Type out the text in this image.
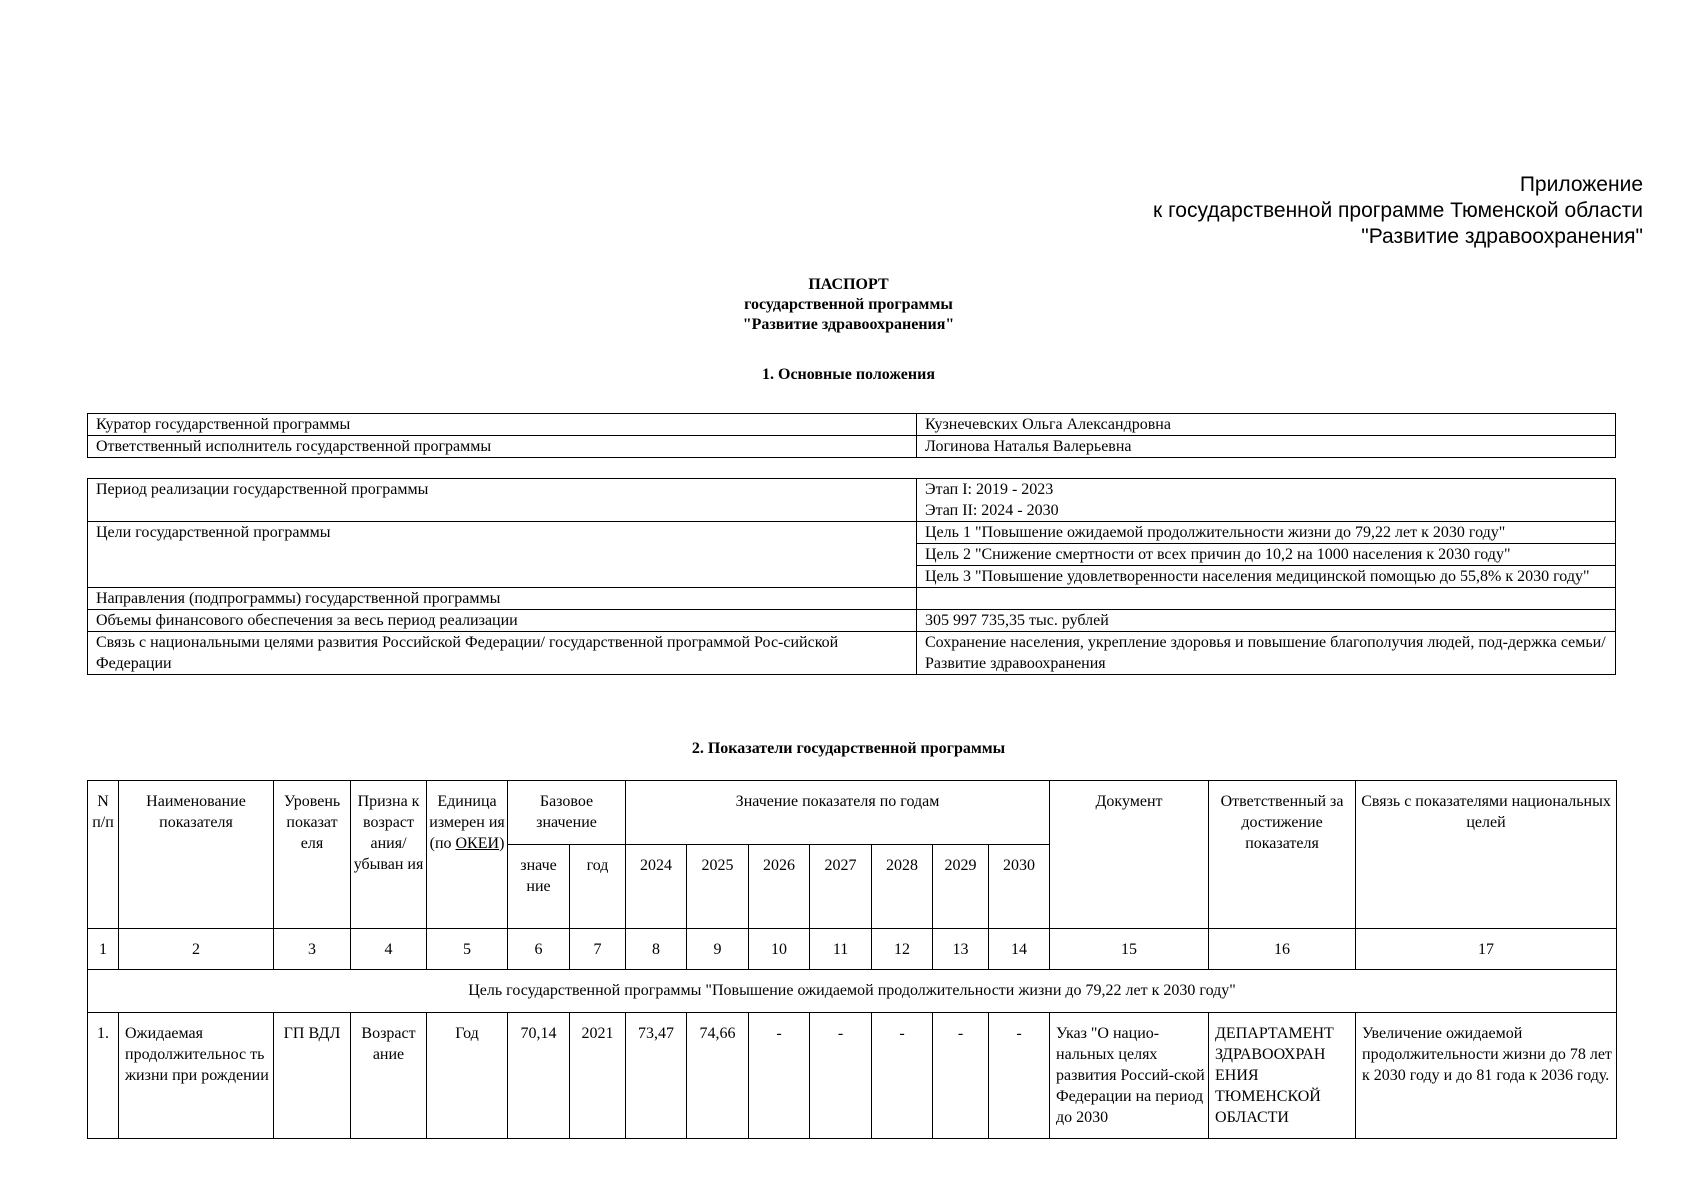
Приложение
к государственной программе Тюменской области
"Развитие здравоохранения"
ПАСПОРТ
государственной программы
"Развитие здравоохранения"
1. Основные положения
Куратор государственной программы	Кузнечевских Ольга Александровна
Ответственный исполнитель государственной программы	Логинова Наталья Валерьевна
Период реализации государственной программы	Этап I: 2019 - 2023
Этап II: 2024 - 2030

Цели государственной программы	Цель 1 "Повышение ожидаемой продолжительности жизни до 79,22 лет к 2030 году"
	Цель 2 "Снижение смертности от всех причин до 10,2 на 1000 населения к 2030 году"
	Цель 3 "Повышение удовлетворенности населения медицинской помощью до 55,8% к 2030 году"
Направления (подпрограммы) государственной программы	
Объемы финансового обеспечения за весь период реализации	305 997 735,35 тыс. рублей
Связь с национальными целями развития Российской Федерации/ государственной программой Рос-сийской Федерации	Сохранение населения, укрепление здоровья и повышение благополучия людей, под-держка семьи/
Развитие здравоохранения
2. Показатели государственной программы
N п/п	Наименование показателя	Уровень показат еля	Призна к возраст ания/ убыван ия	Единица измерен ия (по ОКЕИ)	Базовое значение		Значение показателя по годам							Документ	Ответственный за достижение показателя	Связь с показателями национальных целей
					значе ние	год	2024	2025	2026	2027	2028	2029	2030			
1	2	3	4	5	6	7	8	9	10	11	12	13	14	15	16	17
Цель государственной программы "Повышение ожидаемой продолжительности жизни до 79,22 лет к 2030 году"																
1.	Ожидаемая продолжительнос ть жизни при рождении	ГП ВДЛ	Возраст ание	Год	70,14	2021	73,47	74,66	-	-	-	-	-	Указ "О нацио-нальных целях развития Россий-ской Федерации на период до 2030	ДЕПАРТАМЕНТ ЗДРАВООХРАН ЕНИЯ ТЮМЕНСКОЙ ОБЛАСТИ	Увеличение ожидаемой продолжительности жизни до 78 лет к 2030 году и до 81 года к 2036 году.
